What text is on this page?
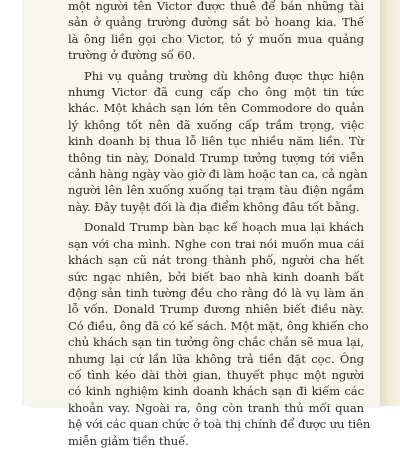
một người tên Victor được thuê để bán những tài
sản ở quảng trường đường sắt bỏ hoang kia. Thế
là ông liền gọi cho Victor, tỏ ý muốn mua quảng
trường ở đường số 60.
Phi vụ quảng trường dù không được thực hiện
nhưng Victor đã cung cấp cho ông một tin tức
khác. Một khách sạn lớn tên Commodore do quản
lý không tốt nên đã xuống cấp trầm trọng, việc
kinh doanh bị thua lỗ liên tục nhiều năm liền. Từ
thông tin này, Donald Trump tưởng tượng tới viễn
cảnh hàng ngày vào giờ đi làm hoặc tan ca, cả ngàn
người lên lên xuống xuống tại trạm tàu điện ngầm
này. Đây tuyệt đối là địa điểm không đâu tốt bằng.
Donald Trump bàn bạc kế hoạch mua lại khách
sạn với cha mình. Nghe con trai nói muốn mua cái
khách sạn cũ nát trong thành phố, người cha hết
sức ngạc nhiên, bởi biết bao nhà kinh doanh bất
động sản tinh tường đều cho rằng đó là vụ làm ăn
lỗ vốn. Donald Trump đương nhiên biết điều này.
Có điều, ông đã có kế sách. Một mặt, ông khiến cho
chủ khách sạn tin tưởng ông chắc chắn sẽ mua lại,
nhưng lại cứ lần lữa không trả tiền đặt cọc. Ông
cố tình kéo dài thời gian, thuyết phục một người
có kinh nghiệm kinh doanh khách sạn đi kiếm các
khoản vay. Ngoài ra, ông còn tranh thủ mối quan
hệ với các quan chức ở toà thị chính để được ưu tiên
miễn giảm tiền thuế.
